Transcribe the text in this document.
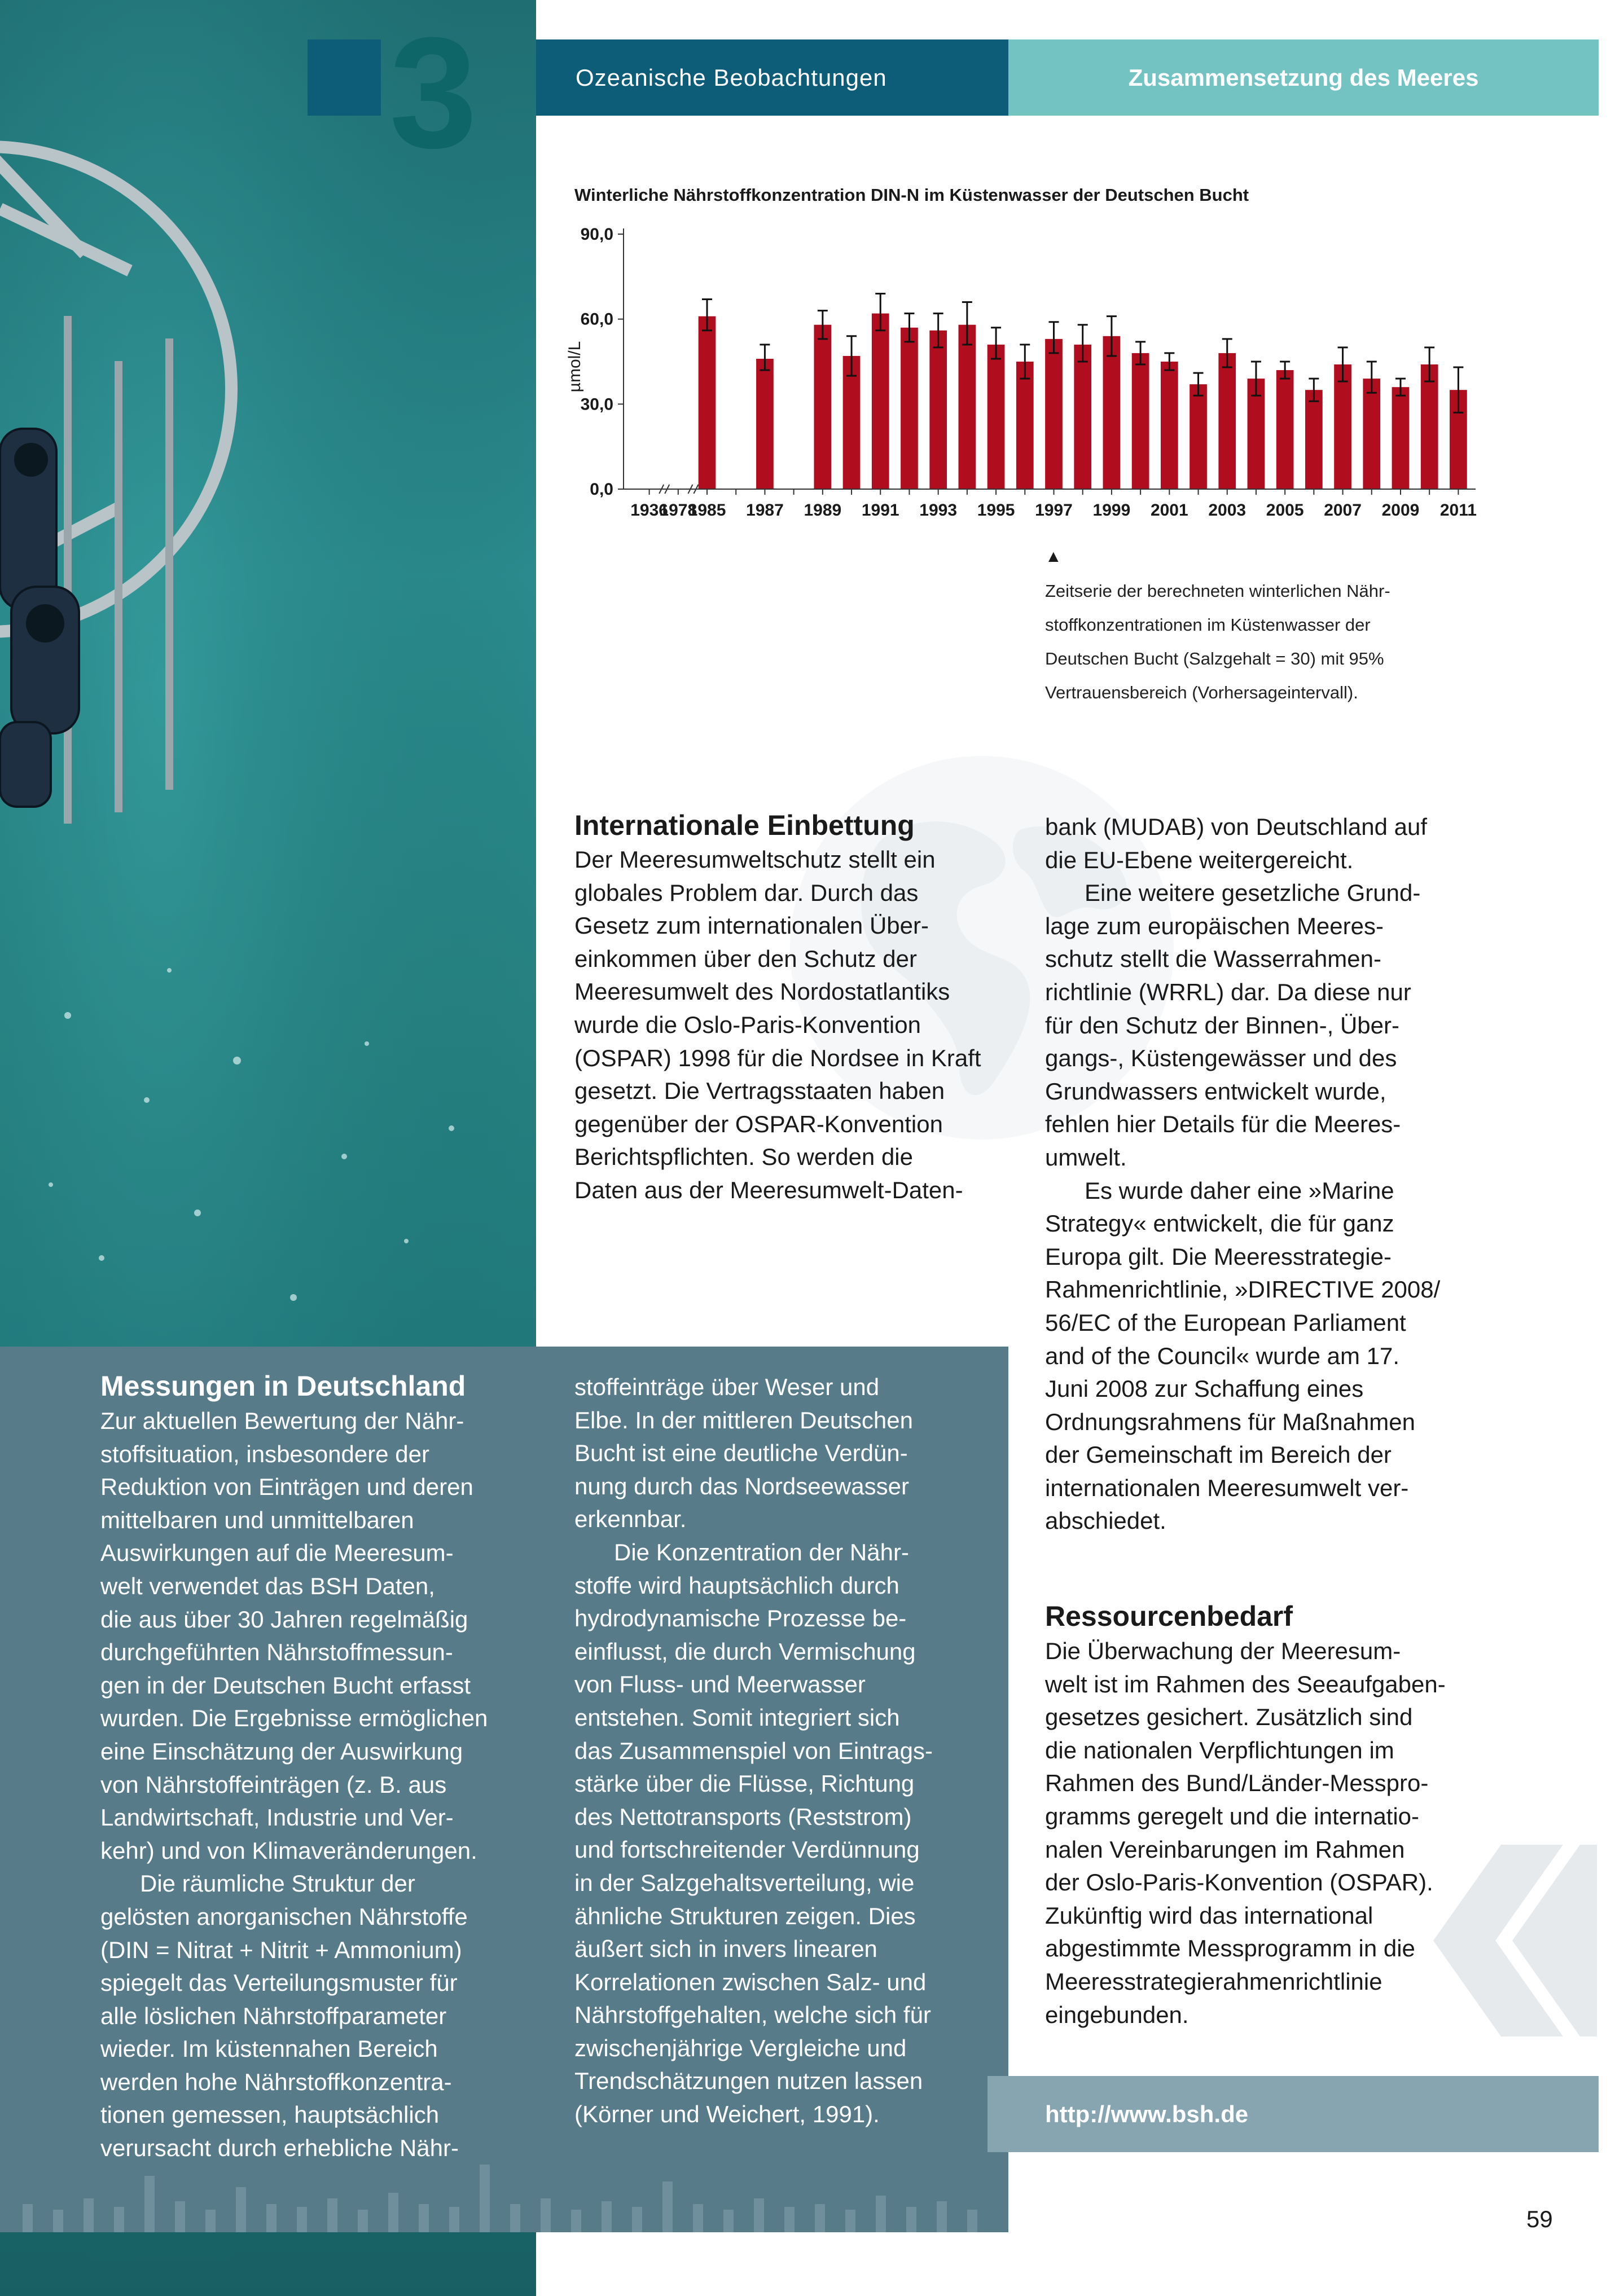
3	Ozeanische Beobachtungen	Zusammensetzung des Meeres
Winterliche Nährstoffkonzentration DIN-N im Küstenwasser der Deutschen Bucht
90,0
60,0
30,0
0,0
1936
1978
1985 1987 1989 1991 1993 1995 1997 1999 2001 2003 2005 2007 2009 2011
µmol/L
▲
Zeitserie der berechneten winterlichen Nähr-
stoffkonzentrationen im Küstenwasser der
Deutschen Bucht (Salzgehalt = 30) mit 95%
Vertrauensbereich (Vorhersageintervall).
Internationale Einbettung

Der Meeresumweltschutz stellt ein

globales Problem dar. Durch das

Gesetz zum internationalen Über-

einkommen über den Schutz der

Meeresumwelt des Nordostatlantiks

wurde die Oslo-Paris-Konvention

(OSPAR) 1998 für die Nordsee in Kraft

gesetzt. Die Vertragsstaaten haben

gegenüber der OSPAR-Konvention

Berichtspflichten. So werden die

Daten aus der Meeresumwelt-Daten-

bank (MUDAB) von Deutschland auf

die EU-Ebene weitergereicht.

Eine weitere gesetzliche Grund-

lage zum europäischen Meeres-

schutz stellt die Wasserrahmen-

richtlinie (WRRL) dar. Da diese nur

für den Schutz der Binnen-, Über-

gangs-, Küstengewässer und des

Grundwassers entwickelt wurde,

fehlen hier Details für die Meeres-

umwelt.

Es wurde daher eine »Marine

Strategy« entwickelt, die für ganz

Europa gilt. Die Meeresstrategie-

Rahmenrichtlinie, »DIRECTIVE 2008/

56/EC of the European Parliament

and of the Council« wurde am 17.

Juni 2008 zur Schaffung eines

Ordnungsrahmens für Maßnahmen

der Gemeinschaft im Bereich der

internationalen Meeresumwelt ver-

abschiedet.

Messungen in Deutschland

Zur aktuellen Bewertung der Nähr-

stoffsituation, insbesondere der

Reduktion von Einträgen und deren

mittelbaren und unmittelbaren

Auswirkungen auf die Meeresum-

welt verwendet das BSH Daten,

die aus über 30 Jahren regelmäßig

durchgeführten Nährstoffmessun-

gen in der Deutschen Bucht erfasst

wurden. Die Ergebnisse ermöglichen

eine Einschätzung der Auswirkung

von Nährstoffeinträgen (z. B. aus

Landwirtschaft, Industrie und Ver-

kehr) und von Klimaveränderungen.

Die räumliche Struktur der

gelösten anorganischen Nährstoffe

(DIN = Nitrat + Nitrit + Ammonium)

spiegelt das Verteilungsmuster für

alle löslichen Nährstoffparameter

wieder. Im küstennahen Bereich

werden hohe Nährstoffkonzentra-

tionen gemessen, hauptsächlich

verursacht durch erhebliche Nähr-

stoffeinträge über Weser und

Elbe. In der mittleren Deutschen

Bucht ist eine deutliche Verdün-

nung durch das Nordseewasser

erkennbar.

Die Konzentration der Nähr-

stoffe wird hauptsächlich durch

hydrodynamische Prozesse be-

einflusst, die durch Vermischung

von Fluss- und Meerwasser

entstehen. Somit integriert sich

das Zusammenspiel von Eintrags-

stärke über die Flüsse, Richtung

des Nettotransports (Reststrom)

und fortschreitender Verdünnung

in der Salzgehaltsverteilung, wie

ähnliche Strukturen zeigen. Dies

äußert sich in invers linearen

Korrelationen zwischen Salz- und

Nährstoffgehalten, welche sich für

zwischenjährige Vergleiche und

Trendschätzungen nutzen lassen

(Körner und Weichert, 1991).

Ressourcenbedarf

Die Überwachung der Meeresum-

welt ist im Rahmen des Seeaufgaben-

gesetzes gesichert. Zusätzlich sind

die nationalen Verpflichtungen im

Rahmen des Bund/Länder-Messpro-

gramms geregelt und die internatio-

nalen Vereinbarungen im Rahmen

der Oslo-Paris-Konvention (OSPAR).

Zukünftig wird das international

abgestimmte Messprogramm in die

Meeresstrategierahmenrichtlinie

eingebunden.

http://www.bsh.de
59
